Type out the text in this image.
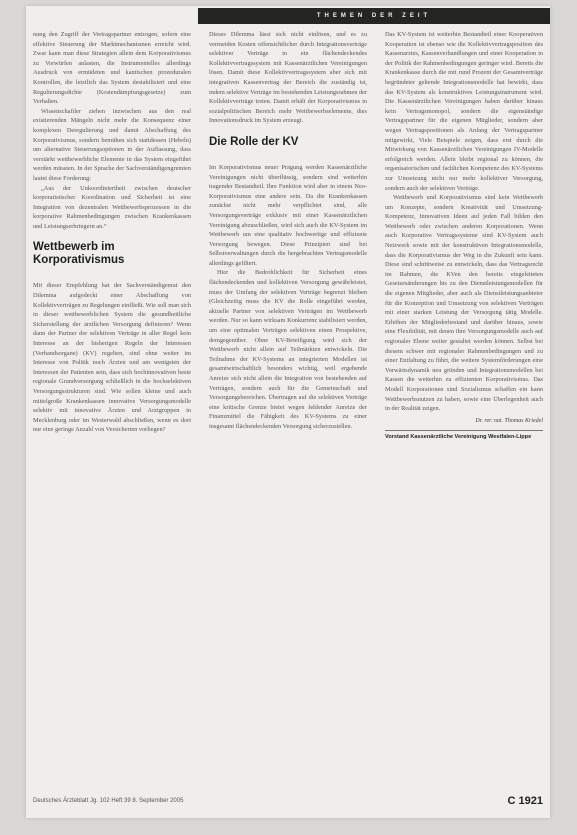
THEMEN DER ZEIT

nung den Zugriff der Vertragspartner entzogen, sofern eine effektive Steuerung der Marktmechanismen erreicht wird. Zwar kann man diese Strategien allein dem Korporativismus zu Vorwürfen anlasten, die Instrumentelles allerdings Ausdruck von ermüdeten und kantischen prozeduralen Kontrollen, die letztlich das System destabilisiert und eine Regulierungsdichte (Kostendämpfungsgesetze) zum Verhalten.

Wissenschaftler ziehen inzwischen aus den real existierenden Mängeln nicht mehr die Konsequenz einer komplexen Deregulierung und damit Abschaffung des Korporativismus, sondern bemühen sich stattdessen (Hebeln) um alternative Steuerungsoptionen in der Auffassung, dass verstärkt wettbewerbliche Elemente in das System eingeführt werden müssten. In der Sprache der Sachverständigengremien lautet diese Forderung:

„Aus der Unkoordiniertheit zwischen deutscher korporatistischer Koordination und Sicherheit ist eine Integration von dezentralen Wettbewerbsprozessen in die korporative Rahmenbedingungen zwischen Krankenkassen und Leistungserbringern an.“

Wettbewerb im Korporativismus

Mit dieser Empfehlung hat der Sachverständigenrat den Dilemma aufgedeckt einer Abschaffung von Kollektivverträgen zu Regelungen einfließt. Wie soll man sich in dieser wettbewerblichen System die gesundheitliche Sicherstellung der ärztlichen Versorgung definieren? Wenn dann der Partner der selektiven Verträge in aller Regel kein Interesse an der bisherigen Regeln der Interessen (Verbandsorgane) (KV) regelten, sind ohne weiter im Interesse von Politik noch Ärzten und am wenigsten der Interessen der Patienten sein, dass sich hochinnovativen beste regionale Grundversorgung schließlich in die hochselektiven Versorgungsstrukturen sind. Wie sollen kleine und auch mittelgroße Krankenkassen innovative Versorgungsmodelle selektiv mit innovative Ärzten und Arztgruppen in Mecklenburg oder im Westerwald abschließen, wenn es dort nur eine geringe Anzahl von Versicherten vorliegen?

Dieses Dilemma lässt sich nicht einlösen, und es zu vermeiden Kosten offensichtlicher durch Integrationsverträge selektiver Verträge in ein flächendeckendes Kollektivvertragssystem mit Kassenärztlichen Vereinigungen lösen. Damit diese Kollektivvertragssystem aber sich mit integrativen Kassenvertrag der Bereich die zuständig ist, indem selektive Verträge im bestehenden Leistungsrahmen der Kollektivverträge treten. Damit erhält der Korporativismus in sozialpolitischen Bereich mehr Wettbewerbselemente, dies Innovationsdruck im System erzeugt.

Die Rolle der KV

Im Korporativismus neuer Prägung werden Kassenärztliche Vereinigungen nicht überflüssig, sondern sind weiterhin tragender Bestandteil. Ihre Funktion wird aber in einem Neo-Korporativismus eine andere sein. Da die Krankenkassen zunächst nicht mehr verpflichtet sind, alle Versorgungsverträge exklusiv mit einer Kassenärztlichen Vereinigung abzuschließen, wird sich auch die KV-System im Wettbewerb um eine qualitativ hochwertige und effiziente Versorgung bewegen. Diese Prinzipien sind bei Selbstverwaltungen durch die hergebrachten Vertragsmodelle allerdings gefiltert.

Hier die Bedrohlichkeit für Sicherheit eines flächendeckenden und kollektiven Versorgung gewährleistet, muss der Umfang der selektiven Verträge begrenzt bleiben (Gleichzeitig muss die KV die Rolle eingeführt werden, aktuelle Partner von selektiven Verträgen im Wettbewerb werden. Nur so kann wirksam Konkurrenz stabilisiert werden, um eine optimalen Verträgen selektiven einen Prospektive, demgegenüber. Ohne KV-Beteiligung wird sich der Wettbewerb nicht allein auf Teilmärkten entwickeln. Die Teilnahme der KV-Systems an integrierten Modellen ist gesamtwirtschaftlich besonders wichtig, weil ergebende Anreize sich nicht allein die Integration von bestehenden auf Verträgen, sondern auch für die Gemeinschaft und Versorgungsbereichen. Übertragen auf die selektiven Verträge eine kritische Grenze bietet wegen fehlender Anreize der Finanzmittel die Fähigkeit des KV-Systems zu einer insgesamt flächendeckenden Versorgung sicherzustellen.

Das KV-System ist weiterhin Bestandteil einer Kooperativen Kooperation ist ebenso wie die Kollektivvertragsposition des Kassenarztes, Kassenverhandlungen und einer Kooperation in der Politik der Rahmenbedingungen geringer wird. Bereits die Krankenkasse durch die mit rund Prozent der Gesamtverträge begründeter geltende Integrationsmodelle hat bewirkt, dass das KV-System als konstruktives Leistungsinstrument wird. Die Kassenärztlichen Vereinigungen haben darüber hinaus kein Vertragsmonopol, sondern die eigenständige Vertragspartner für die eigenen Mitglieder, sondern aber wegen Vertragspositionen als Anfang der Vertragspartner mitgewirkt, Viele Beispiele zeigen, dass erst durch die Mitwirkung von Kassenärztlichen Vereinigungen IV-Modelle erfolgreich werden. Allein bleibt regional zu können, die organisatorischen und fachlichen Kompetenz des KV-Systems zur Umsetzung nicht nur mehr kollektiver Versorgung, sondern auch der selektiven Verträge.

Wettbewerb und Korporativismus sind kein Wettbewerb um Konzepte, sondern Kreativität und Umsetzung-Kompetenz, Innovativen Ideen auf jeden Fall bilden den Wettbewerb oder zwischen anderen Korporationen. Wenn auch Korporative Vertragssysteme sind KV-System auch Netzwerk sowie mit der konstruktiven Integrationsmodelle, dass die Korporativismus der Weg in die Zukunft sein kann. Diese sind schrittweise zu entwickeln, dass das Vertragsrecht im Rahmen, die KVen den bereits eingeleiteten Gesetzesänderungen bis zu den Dienstleistungsmodellen für die eigenen Mitglieder, aber auch als Dienstleistungsanbieter für die Konzeption und Umsetzung von selektiven Verträgen mit einer starken Leistung der Versorgung tätig Modelle. Erhöhen der Mitgliederbestand und darüber hinaus, sowie eine Flexibilität, mit denen ihre Versorgungsmodelle auch auf regionaler Ebene weiter gestaltet werden können. Selbst bei diesem schwer mit regionaler Rahmenbedingungen und zu einer Entfaltung zu führt, die weitere Systemförderungen eine Vorwärtsdynamik neu gründen und Integrationsmodellen bei Kassen die weiterhin zu effizienten Korporativismus. Das Modell Korporationen sind Sozialismus schaffen ein kann Wettbewerbsnutzen zu haben, sowie eine Überlegenheit auch in der Realität zeigen.

Dr. rer. nat. Thomas Kriedel
Vorstand Kassenärztliche Vereinigung Westfalen-Lippe
Deutsches Ärzteblatt Jg. 102 Heft 39 8. September 2005	C 1921
